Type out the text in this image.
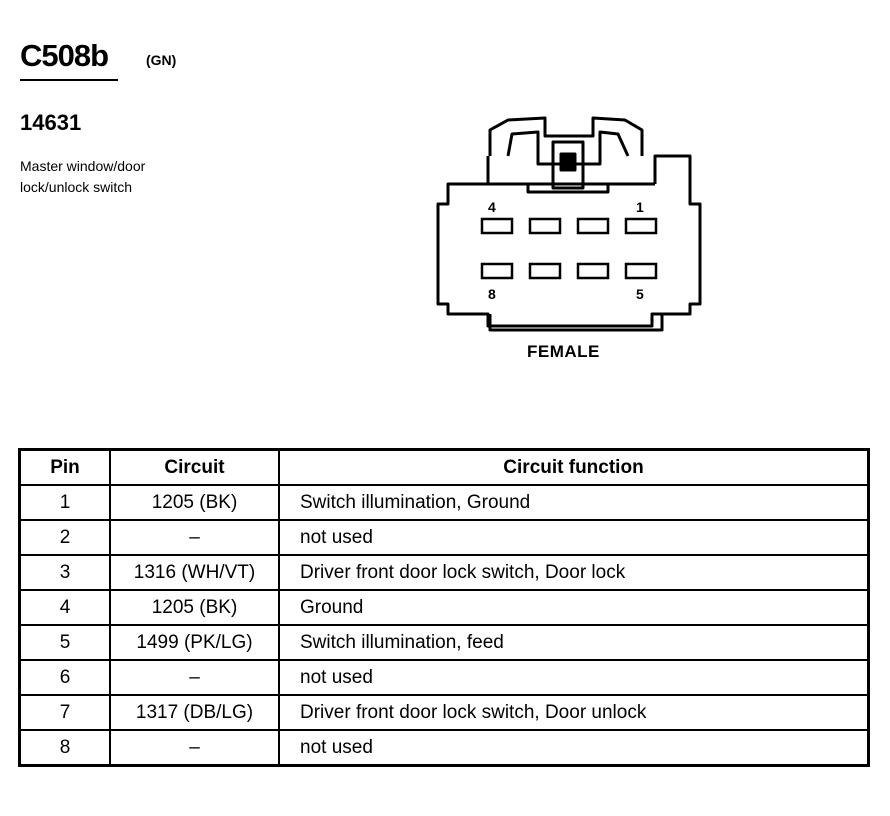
C508b	(GN)
14631
Master window/door lock/unlock switch
4	1
8	5
FEMALE
Pin	Circuit	Circuit function
1	1205 (BK)	Switch illumination, Ground
2	–	not used
3	1316 (WH/VT)	Driver front door lock switch, Door lock
4	1205 (BK)	Ground
5	1499 (PK/LG)	Switch illumination, feed
6	–	not used
7	1317 (DB/LG)	Driver front door lock switch, Door unlock
8	–	not used
